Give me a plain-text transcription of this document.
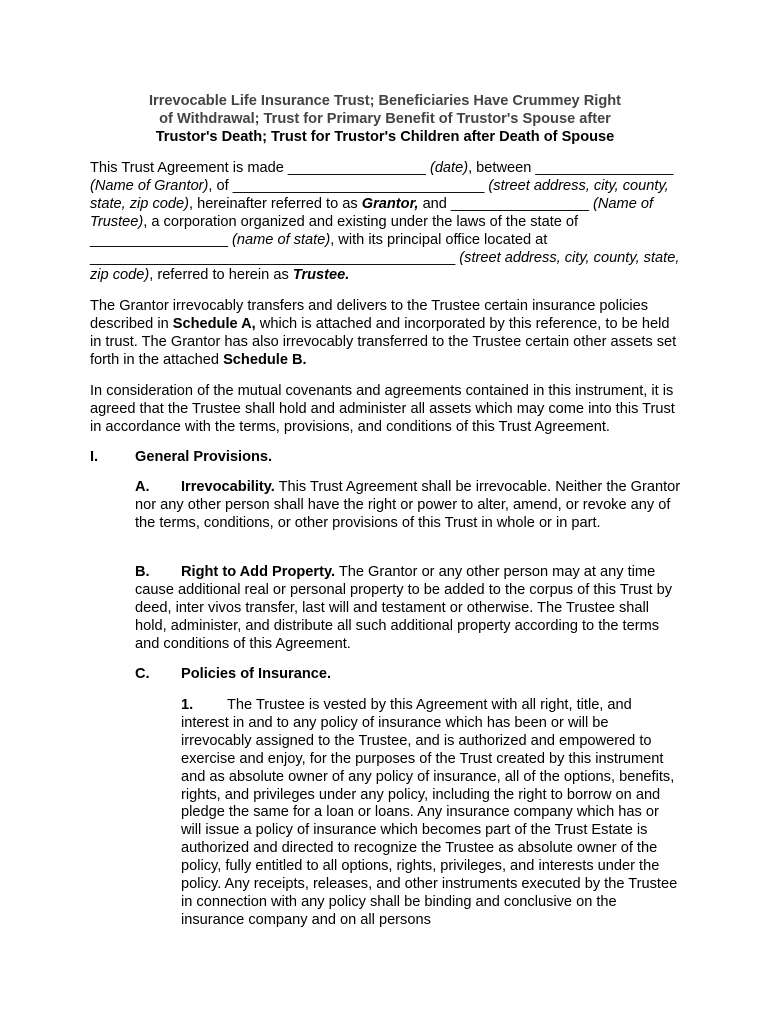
Irrevocable Life Insurance Trust; Beneficiaries Have Crummey Right
of Withdrawal; Trust for Primary Benefit of Trustor's Spouse after
Trustor's Death; Trust for Trustor's Children after Death of Spouse
This Trust Agreement is made _________________ (date), between _________________ (Name of Grantor), of _______________________________ (street address, city, county, state, zip code), hereinafter referred to as Grantor, and _________________ (Name of Trustee), a corporation organized and existing under the laws of the state of _________________ (name of state), with its principal office located at _____________________________________________ (street address, city, county, state, zip code), referred to herein as Trustee.
The Grantor irrevocably transfers and delivers to the Trustee certain insurance policies described in Schedule A, which is attached and incorporated by this reference, to be held in trust. The Grantor has also irrevocably transferred to the Trustee certain other assets set forth in the attached Schedule B.
In consideration of the mutual covenants and agreements contained in this instrument, it is agreed that the Trustee shall hold and administer all assets which may come into this Trust in accordance with the terms, provisions, and conditions of this Trust Agreement.
I.	General Provisions.
A. Irrevocability. This Trust Agreement shall be irrevocable. Neither the Grantor nor any other person shall have the right or power to alter, amend, or revoke any of the terms, conditions, or other provisions of this Trust in whole or in part.
B. Right to Add Property. The Grantor or any other person may at any time cause additional real or personal property to be added to the corpus of this Trust by deed, inter vivos transfer, last will and testament or otherwise. The Trustee shall hold, administer, and distribute all such additional property according to the terms and conditions of this Agreement.
C. Policies of Insurance.
1. The Trustee is vested by this Agreement with all right, title, and interest in and to any policy of insurance which has been or will be irrevocably assigned to the Trustee, and is authorized and empowered to exercise and enjoy, for the purposes of the Trust created by this instrument and as absolute owner of any policy of insurance, all of the options, benefits, rights, and privileges under any policy, including the right to borrow on and pledge the same for a loan or loans. Any insurance company which has or will issue a policy of insurance which becomes part of the Trust Estate is authorized and directed to recognize the Trustee as absolute owner of the policy, fully entitled to all options, rights, privileges, and interests under the policy. Any receipts, releases, and other instruments executed by the Trustee in connection with any policy shall be binding and conclusive on the insurance company and on all persons
